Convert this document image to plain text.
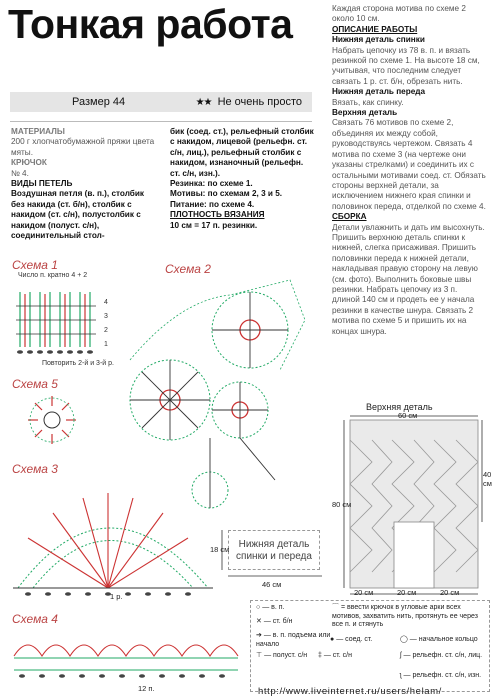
Тонкая работа
Размер 44	★★ Не очень просто

МАТЕРИАЛЫ

200 г хлопчатобумажной пряжи цвета мяты.

КРЮЧОК

№ 4.

ВИДЫ ПЕТЕЛЬ

Воздушная петля (в. п.), столбик без накида (ст. б/н), столбик с накидом (ст. с/н), полустолбик с накидом (полуст. с/н), соединительный стол-

бик (соед. ст.), рельефный столбик с накидом, лицевой (рельефн. ст. с/н, лиц.), рельефный столбик с накидом, изнаночный (рельефн. ст. с/н, изн.).

Резинка: по схеме 1.

Мотивы: по схемам 2, 3 и 5.

Питание: по схеме 4.

ПЛОТНОСТЬ ВЯЗАНИЯ

10 см = 17 п. резинки.

Каждая сторона мотива по схеме 2 около 10 см.

ОПИСАНИЕ РАБОТЫ

Нижняя деталь спинки

Набрать цепочку из 78 в. п. и вязать резинкой по схеме 1. На высоте 18 см, учитывая, что последним следует связать 1 р. ст. б/н, обрезать нить.

Нижняя деталь переда

Вязать, как спинку.

Верхняя деталь

Связать 76 мотивов по схеме 2, объединяя их между собой, руководствуясь чертежом. Связать 4 мотива по схеме 3 (на чертеже они указаны стрелками) и соединить их с остальными мотивами соед. ст. Обязать стороны верхней детали, за исключением нижнего края спинки и половинок переда, отделкой по схеме 4.

СБОРКА

Детали увлажнить и дать им высохнуть. Пришить верхнюю деталь спинки к нижней, слегка присаживая. Пришить половинки переда к нижней детали, накладывая правую сторону на левую (см. фото). Выполнить боковые швы резинки. Набрать цепочку из 3 п. длиной 140 см и продеть ее у начала резинки в качестве шнура. Связать 2 мотива по схеме 5 и пришить их на концах шнура.

Схема 1
Число п. кратно 4 + 2
4
3
2
1
Повторить 2-й и 3-й р.
Схема 5
Схема 2
Схема 3
1 р.
Нижняя деталь спинки и переда
18 см
46 см
Верхняя деталь
60 см
80 см
40 см
20 см	20 см	20 см
Схема 4
12 п.
○ — в. п.
✕ — ст. б/н
➔ — в. п. подъема или начало
⊤ — полуст. с/н	‡ — ст. с/н
● — соед. ст.
ʃ — рельефн. ст. с/н, лиц.
ʅ — рельефн. ст. с/н, изн.
◯ — начальное кольцо
⌒ = ввести крючок в угловые арки всех мотивов, захватить нить, протянуть ее через все п. и стянуть
http://www.liveinternet.ru/users/helam/
